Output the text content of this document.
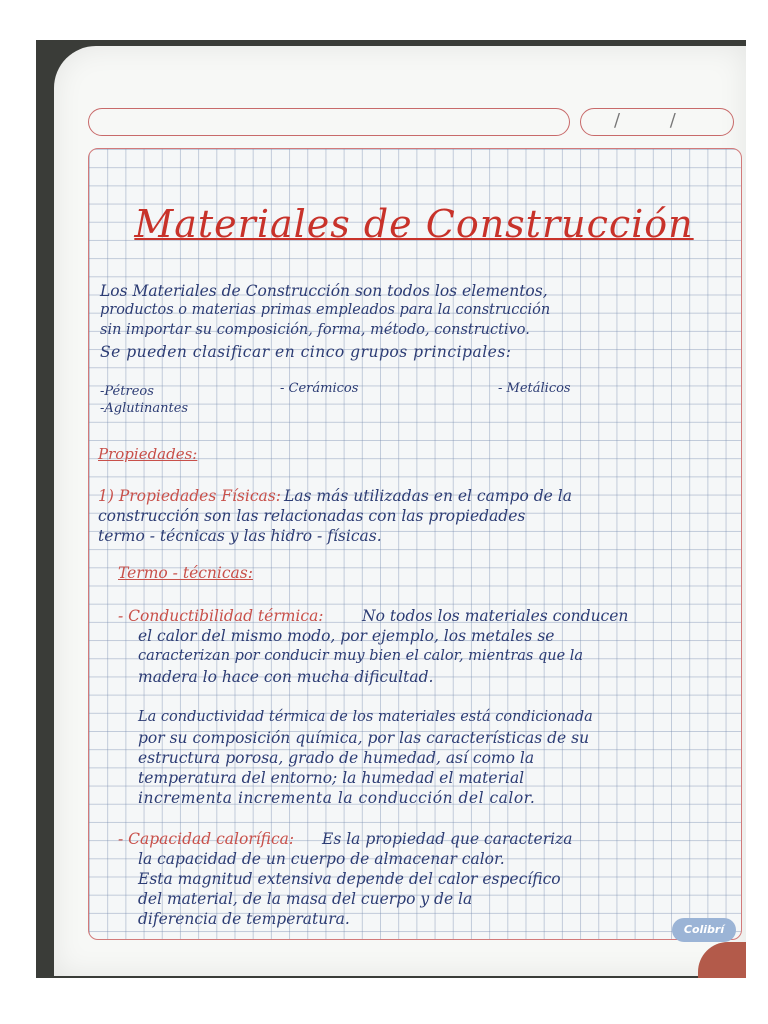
/ /
Materiales de Construcción
Los Materiales de Construcción son todos los elementos,
productos o materias primas empleados para la construcción
sin importar su composición, forma, método, constructivo.
Se pueden clasificar en cinco grupos principales:
-Pétreos	- Cerámicos	- Metálicos
-Aglutinantes
Propiedades:
1) Propiedades Físicas: Las más utilizadas en el campo de la
construcción son las relacionadas con las propiedades
termo - técnicas y las hidro - físicas.
Termo - técnicas:
- Conductibilidad térmica: No todos los materiales conducen
el calor del mismo modo, por ejemplo, los metales se
caracterizan por conducir muy bien el calor, mientras que la
madera lo hace con mucha dificultad.
La conductividad térmica de los materiales está condicionada
por su composición química, por las características de su
estructura porosa, grado de humedad, así como la
temperatura del entorno; la humedad el material
incrementa incrementa la conducción del calor.
- Capacidad calorífica: Es la propiedad que caracteriza
la capacidad de un cuerpo de almacenar calor.
Esta magnitud extensiva depende del calor específico
del material, de la masa del cuerpo y de la
diferencia de temperatura.
Colibrí
